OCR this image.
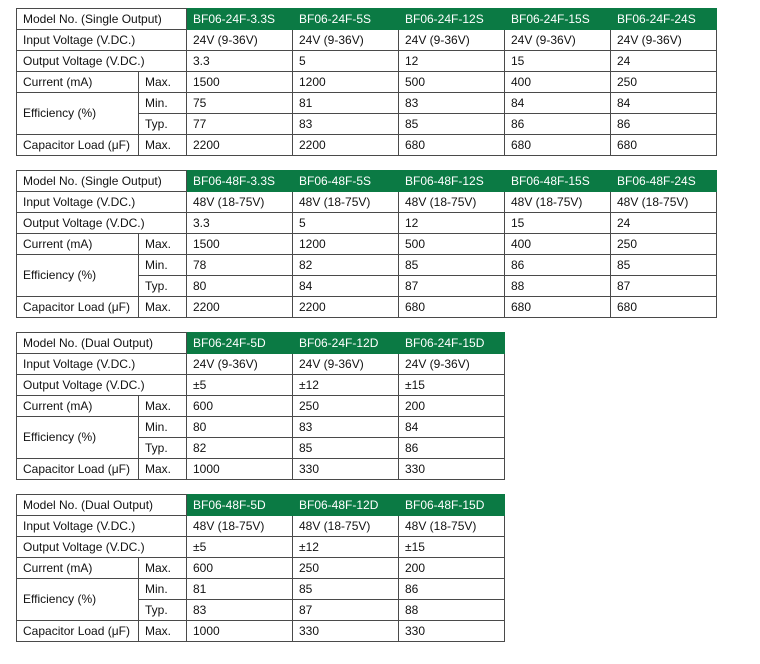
Model No. (Single Output)		BF06-24F-3.3S	BF06-24F-5S	BF06-24F-12S	BF06-24F-15S	BF06-24F-24S
Input Voltage (V.DC.)		24V (9-36V)	24V (9-36V)	24V (9-36V)	24V (9-36V)	24V (9-36V)
Output Voltage (V.DC.)		3.3	5	12	15	24
Current (mA)	Max.	1500	1200	500	400	250
Efficiency (%)	Min.	75	81	83	84	84
	Typ.	77	83	85	86	86
Capacitor Load (μF)	Max.	2200	2200	680	680	680
Model No. (Single Output)		BF06-48F-3.3S	BF06-48F-5S	BF06-48F-12S	BF06-48F-15S	BF06-48F-24S
Input Voltage (V.DC.)		48V (18-75V)	48V (18-75V)	48V (18-75V)	48V (18-75V)	48V (18-75V)
Output Voltage (V.DC.)		3.3	5	12	15	24
Current (mA)	Max.	1500	1200	500	400	250
Efficiency (%)	Min.	78	82	85	86	85
	Typ.	80	84	87	88	87
Capacitor Load (μF)	Max.	2200	2200	680	680	680
Model No. (Dual Output)		BF06-24F-5D	BF06-24F-12D	BF06-24F-15D
Input Voltage (V.DC.)		24V (9-36V)	24V (9-36V)	24V (9-36V)
Output Voltage (V.DC.)		±5	±12	±15
Current (mA)	Max.	600	250	200
Efficiency (%)	Min.	80	83	84
	Typ.	82	85	86
Capacitor Load (μF)	Max.	1000	330	330
Model No. (Dual Output)		BF06-48F-5D	BF06-48F-12D	BF06-48F-15D
Input Voltage (V.DC.)		48V (18-75V)	48V (18-75V)	48V (18-75V)
Output Voltage (V.DC.)		±5	±12	±15
Current (mA)	Max.	600	250	200
Efficiency (%)	Min.	81	85	86
	Typ.	83	87	88
Capacitor Load (μF)	Max.	1000	330	330
